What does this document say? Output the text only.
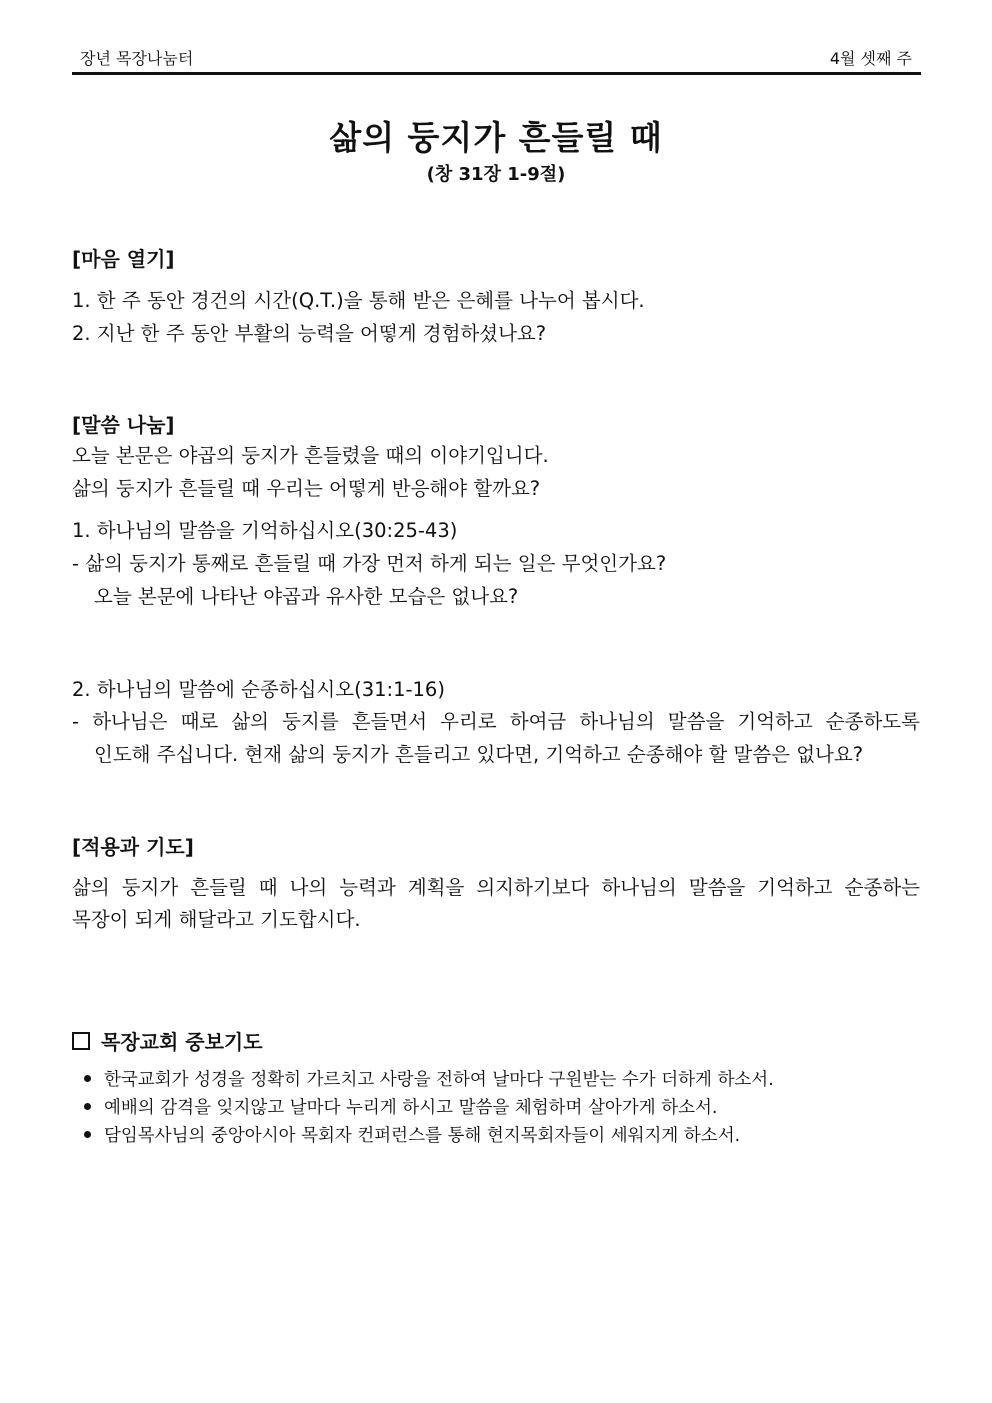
장년 목장나눔터	4월 셋째 주
삶의 둥지가 흔들릴 때
(창 31장 1-9절)
[마음 열기]
1. 한 주 동안 경건의 시간(Q.T.)을 통해 받은 은혜를 나누어 봅시다.
2. 지난 한 주 동안 부활의 능력을 어떻게 경험하셨나요?
[말씀 나눔]
오늘 본문은 야곱의 둥지가 흔들렸을 때의 이야기입니다.
삶의 둥지가 흔들릴 때 우리는 어떻게 반응해야 할까요?
1. 하나님의 말씀을 기억하십시오(30:25-43)
- 삶의 둥지가 통째로 흔들릴 때 가장 먼저 하게 되는 일은 무엇인가요?
오늘 본문에 나타난 야곱과 유사한 모습은 없나요?
2. 하나님의 말씀에 순종하십시오(31:1-16)
- 하나님은 때로 삶의 둥지를 흔들면서 우리로 하여금 하나님의 말씀을 기억하고 순종하도록
인도해 주십니다. 현재 삶의 둥지가 흔들리고 있다면, 기억하고 순종해야 할 말씀은 없나요?
[적용과 기도]
삶의 둥지가 흔들릴 때 나의 능력과 계획을 의지하기보다 하나님의 말씀을 기억하고 순종하는
목장이 되게 해달라고 기도합시다.
목장교회 중보기도
한국교회가 성경을 정확히 가르치고 사랑을 전하여 날마다 구원받는 수가 더하게 하소서.
예배의 감격을 잊지않고 날마다 누리게 하시고 말씀을 체험하며 살아가게 하소서.
담임목사님의 중앙아시아 목회자 컨퍼런스를 통해 현지목회자들이 세워지게 하소서.
